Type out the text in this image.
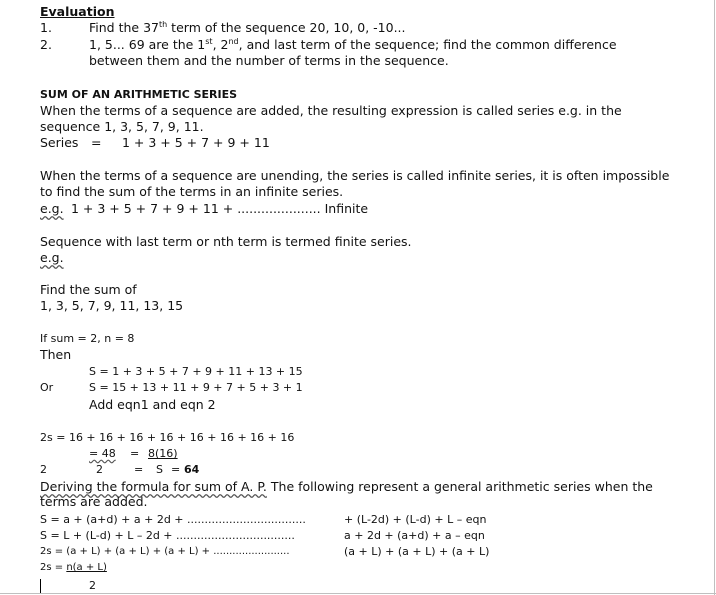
Evaluation
1.	Find the 37th term of the sequence 20, 10, 0, -10...
2.	1, 5... 69 are the 1st, 2nd, and last term of the sequence; find the common difference
between them and the number of terms in the sequence.
SUM OF AN ARITHMETIC SERIES
When the terms of a sequence are added, the resulting expression is called series e.g. in the
sequence 1, 3, 5, 7, 9, 11.
Series = 1 + 3 + 5 + 7 + 9 + 11
When the terms of a sequence are unending, the series is called infinite series, it is often impossible
to find the sum of the terms in an infinite series.
e.g. 1 + 3 + 5 + 7 + 9 + 11 + ..................... Infinite
Sequence with last term or nth term is termed finite series.
e.g.
Find the sum of
1, 3, 5, 7, 9, 11, 13, 15
If sum = 2, n = 8
Then
S = 1 + 3 + 5 + 7 + 9 + 11 + 13 + 15
Or	S = 15 + 13 + 11 + 9 + 7 + 5 + 3 + 1
Add eqn1 and eqn 2
2s = 16 + 16 + 16 + 16 + 16 + 16 + 16 + 16
= 48 = 8(16)
2	2	= S = 64
Deriving the formula for sum of A. P. The following represent a general arithmetic series when the
terms are added.
S = a + (a+d) + a + 2d + ..................................	+ (L-2d) + (L-d) + L – eqn
S = L + (L-d) + L – 2d + ..................................	a + 2d + (a+d) + a – eqn
2s = (a + L) + (a + L) + (a + L) + ........................	(a + L) + (a + L) + (a + L)
2s = n(a + L)
2
